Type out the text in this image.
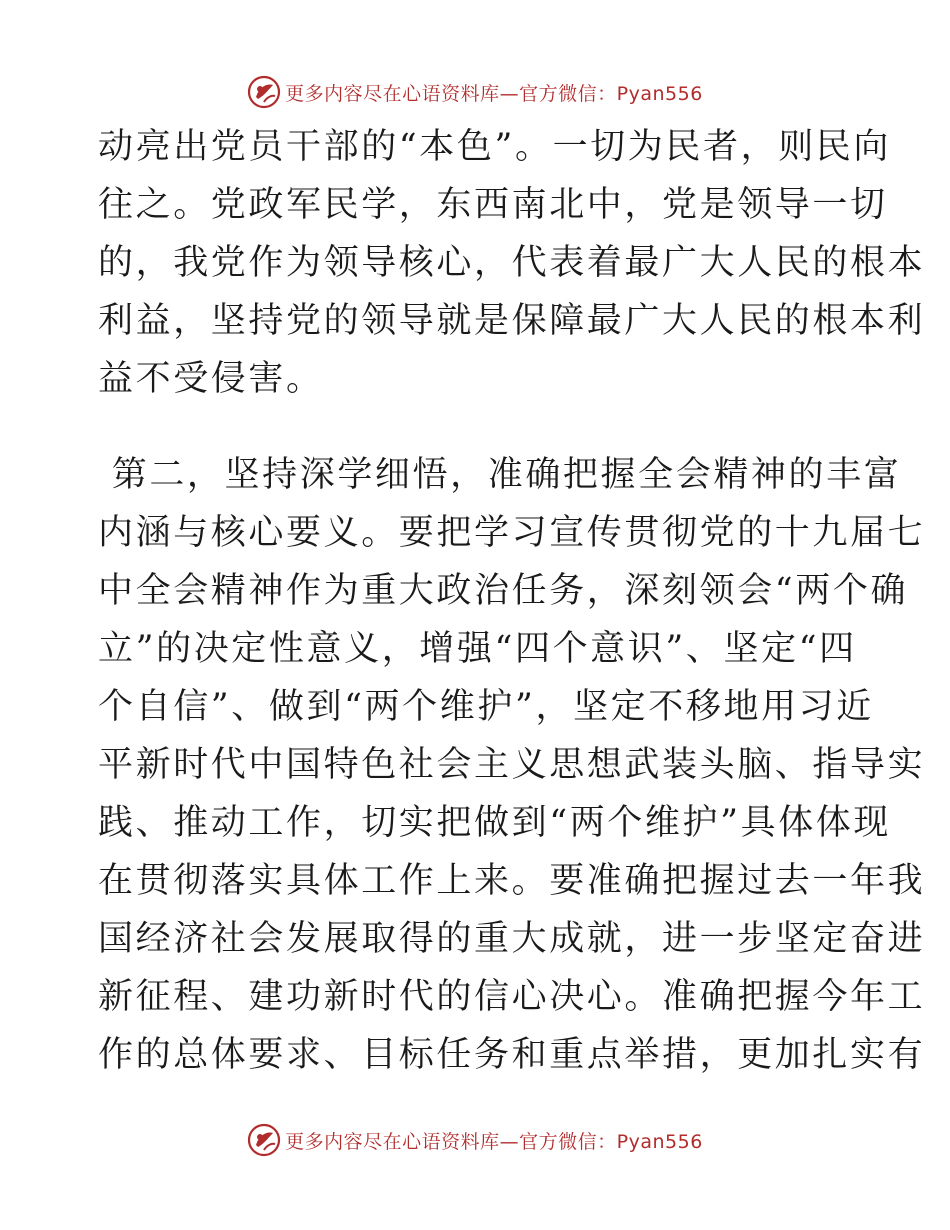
更多内容尽在心语资料库—官方微信：Pyan556
动亮出党员干部的“本色”。一切为民者，则民向
往之。党政军民学，东西南北中，党是领导一切
的，我党作为领导核心，代表着最广大人民的根本
利益，坚持党的领导就是保障最广大人民的根本利
益不受侵害。
第二，坚持深学细悟，准确把握全会精神的丰富
内涵与核心要义。要把学习宣传贯彻党的十九届七
中全会精神作为重大政治任务，深刻领会“两个确
立”的决定性意义，增强“四个意识”、坚定“四
个自信”、做到“两个维护”，坚定不移地用习近
平新时代中国特色社会主义思想武装头脑、指导实
践、推动工作，切实把做到“两个维护”具体体现
在贯彻落实具体工作上来。要准确把握过去一年我
国经济社会发展取得的重大成就，进一步坚定奋进
新征程、建功新时代的信心决心。准确把握今年工
作的总体要求、目标任务和重点举措，更加扎实有
更多内容尽在心语资料库—官方微信：Pyan556
